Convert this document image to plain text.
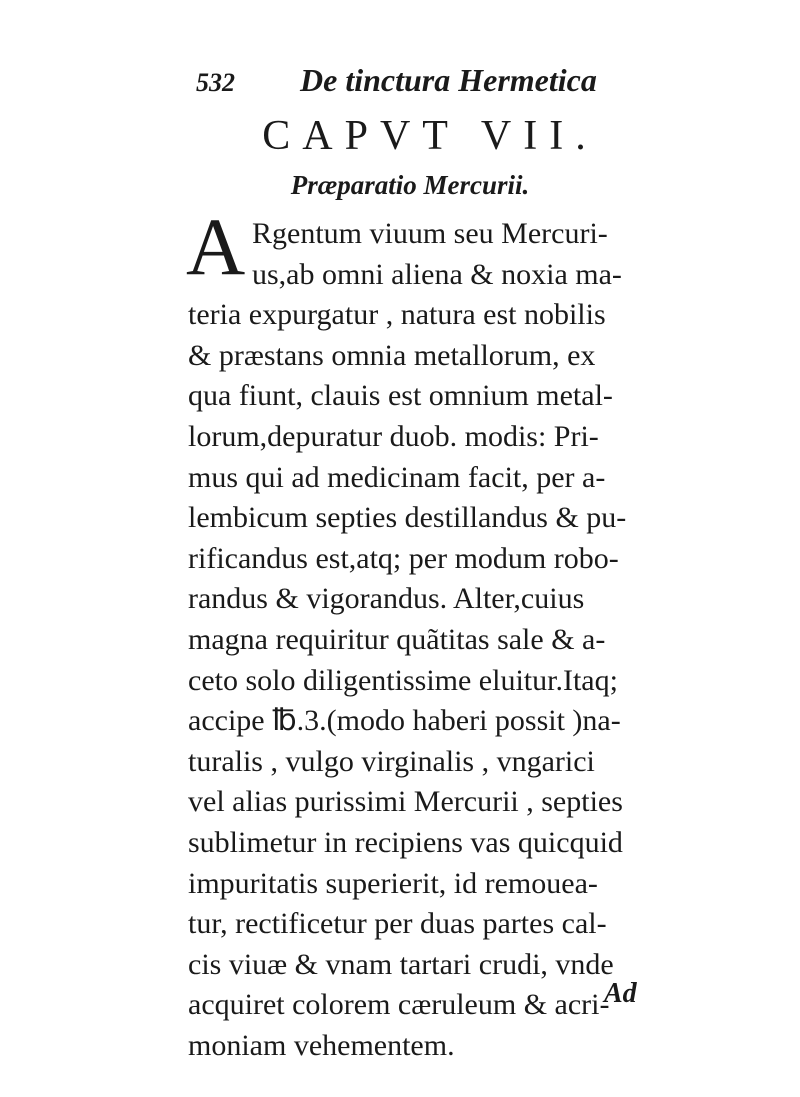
532 De tinctura Hermetica
CAPVT VII.
Præparatio Mercurii.
A Rgentum viuum seu Mercuri-
us,ab omni aliena & noxia ma-
teria expurgatur , natura est nobilis
& præstans omnia metallorum, ex
qua fiunt, clauis est omnium metal-
lorum,depuratur duob. modis: Pri-
mus qui ad medicinam facit, per a-
lembicum septies destillandus & pu-
rificandus est,atq; per modum robo-
randus & vigorandus. Alter,cuius
magna requiritur quãtitas sale & a-
ceto solo diligentissime eluitur.Itaq;
accipe ℔.3.(modo haberi possit )na-
turalis , vulgo virginalis , vngarici
vel alias purissimi Mercurii , septies
sublimetur in recipiens vas quicquid
impuritatis superierit, id remouea-
tur, rectificetur per duas partes cal-
cis viuæ & vnam tartari crudi, vnde
acquiret colorem cæruleum & acri-
moniam vehementem.
Ad
